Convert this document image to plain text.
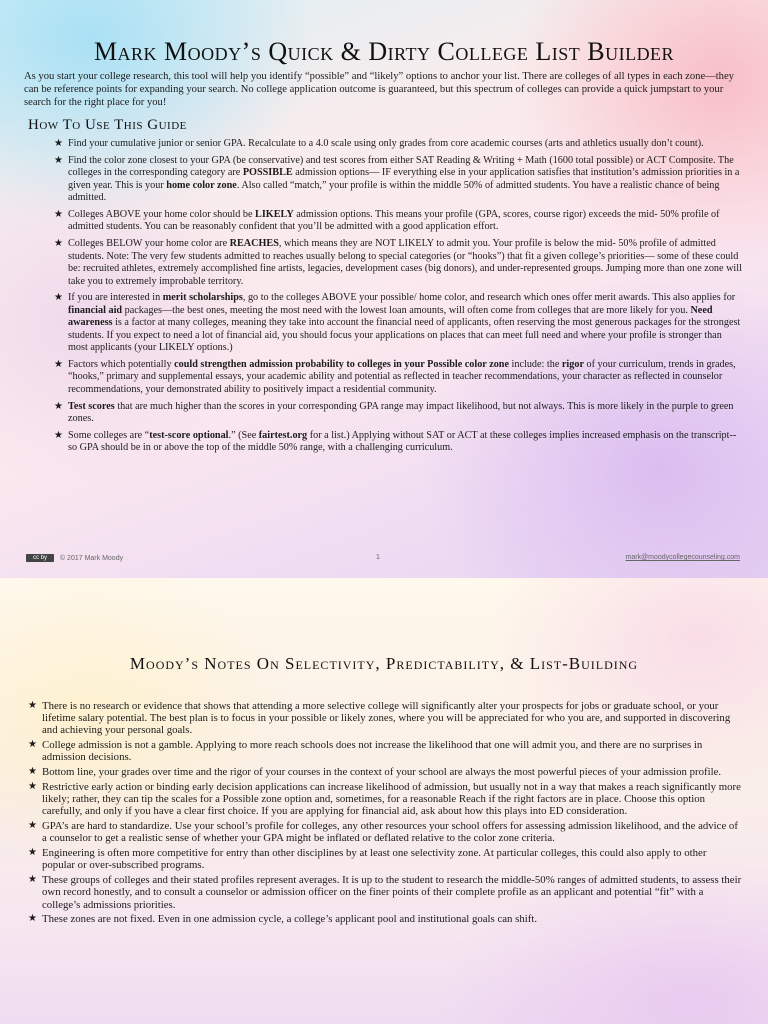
Mark Moody’s Quick & Dirty College List Builder

As you start your college research, this tool will help you identify “possible” and “likely” options to anchor your list. There are colleges of all types in each zone—they can be reference points for expanding your search. No college application outcome is guaranteed, but this spectrum of colleges can provide a quick jumpstart to your search for the right place for you!

How To Use This Guide
★ Find your cumulative junior or senior GPA. Recalculate to a 4.0 scale using only grades from core academic courses (arts and athletics usually don’t count).
★ Find the color zone closest to your GPA (be conservative) and test scores from either SAT Reading & Writing + Math (1600 total possible) or ACT Composite. The colleges in the corresponding category are POSSIBLE admission options— IF everything else in your application satisfies that institution’s admission priorities in a given year. This is your home color zone. Also called “match,” your profile is within the middle 50% of admitted students. You have a realistic chance of being admitted.
★ Colleges ABOVE your home color should be LIKELY admission options. This means your profile (GPA, scores, course rigor) exceeds the mid- 50% profile of admitted students. You can be reasonably confident that you’ll be admitted with a good application effort.
★ Colleges BELOW your home color are REACHES, which means they are NOT LIKELY to admit you. Your profile is below the mid- 50% profile of admitted students. Note: The very few students admitted to reaches usually belong to special categories (or “hooks”) that fit a given college’s priorities— some of these could be: recruited athletes, extremely accomplished fine artists, legacies, development cases (big donors), and under-represented groups. Jumping more than one zone will take you to extremely improbable territory.
★ If you are interested in merit scholarships, go to the colleges ABOVE your possible/ home color, and research which ones offer merit awards. This also applies for financial aid packages—the best ones, meeting the most need with the lowest loan amounts, will often come from colleges that are more likely for you. Need awareness is a factor at many colleges, meaning they take into account the financial need of applicants, often reserving the most generous packages for the strongest students. If you expect to need a lot of financial aid, you should focus your applications on places that can meet full need and where your profile is stronger than most applicants (your LIKELY options.)
★ Factors which potentially could strengthen admission probability to colleges in your Possible color zone include: the rigor of your curriculum, trends in grades, “hooks,” primary and supplemental essays, your academic ability and potential as reflected in teacher recommendations, your character as reflected in counselor recommendations, your demonstrated ability to positively impact a residential community.
★ Test scores that are much higher than the scores in your corresponding GPA range may impact likelihood, but not always. This is more likely in the purple to green zones.
★ Some colleges are “test-score optional.” (See fairtest.org for a list.) Applying without SAT or ACT at these colleges implies increased emphasis on the transcript-- so GPA should be in or above the top of the middle 50% range, with a challenging curriculum.
cc by © 2017 Mark Moody	1	mark@moodycollegecounseling.com
Moody’s Notes On Selectivity, Predictability, & List-Building
★ There is no research or evidence that shows that attending a more selective college will significantly alter your prospects for jobs or graduate school, or your lifetime salary potential. The best plan is to focus in your possible or likely zones, where you will be appreciated for who you are, and supported in discovering and achieving your personal goals.
★ College admission is not a gamble. Applying to more reach schools does not increase the likelihood that one will admit you, and there are no surprises in admission decisions.
★ Bottom line, your grades over time and the rigor of your courses in the context of your school are always the most powerful pieces of your admission profile.
★ Restrictive early action or binding early decision applications can increase likelihood of admission, but usually not in a way that makes a reach significantly more likely; rather, they can tip the scales for a Possible zone option and, sometimes, for a reasonable Reach if the right factors are in place. Choose this option carefully, and only if you have a clear first choice. If you are applying for financial aid, ask about how this plays into ED consideration.
★ GPA’s are hard to standardize. Use your school’s profile for colleges, any other resources your school offers for assessing admission likelihood, and the advice of a counselor to get a realistic sense of whether your GPA might be inflated or deflated relative to the color zone criteria.
★ Engineering is often more competitive for entry than other disciplines by at least one selectivity zone. At particular colleges, this could also apply to other popular or over-subscribed programs.
★ These groups of colleges and their stated profiles represent averages. It is up to the student to research the middle-50% ranges of admitted students, to assess their own record honestly, and to consult a counselor or admission officer on the finer points of their complete profile as an applicant and potential “fit” with a college’s admissions priorities.
★ These zones are not fixed. Even in one admission cycle, a college’s applicant pool and institutional goals can shift.
